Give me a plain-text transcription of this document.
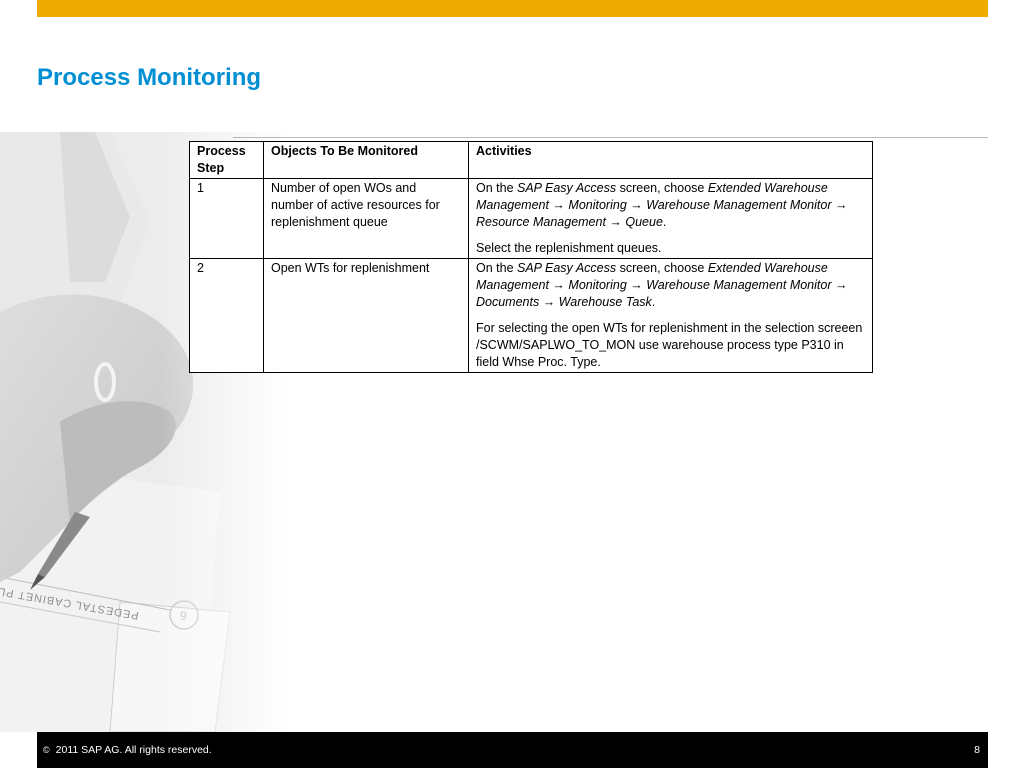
Process Monitoring
Process Step	Objects To Be Monitored	Activities
1	Number of open WOs and number of active resources for replenishment queue	On the SAP Easy Access screen, choose Extended Warehouse Management → Monitoring → Warehouse Management Monitor → Resource Management → Queue.

Select the replenishment queues.

2	Open WTs for replenishment	On the SAP Easy Access screen, choose Extended Warehouse Management → Monitoring → Warehouse Management Monitor → Documents → Warehouse Task.

For selecting the open WTs for replenishment in the selection screeen /SCWM/SAPLWO_TO_MON use warehouse process type P310 in field Whse Proc. Type.

© 2011 SAP AG. All rights reserved.	8
